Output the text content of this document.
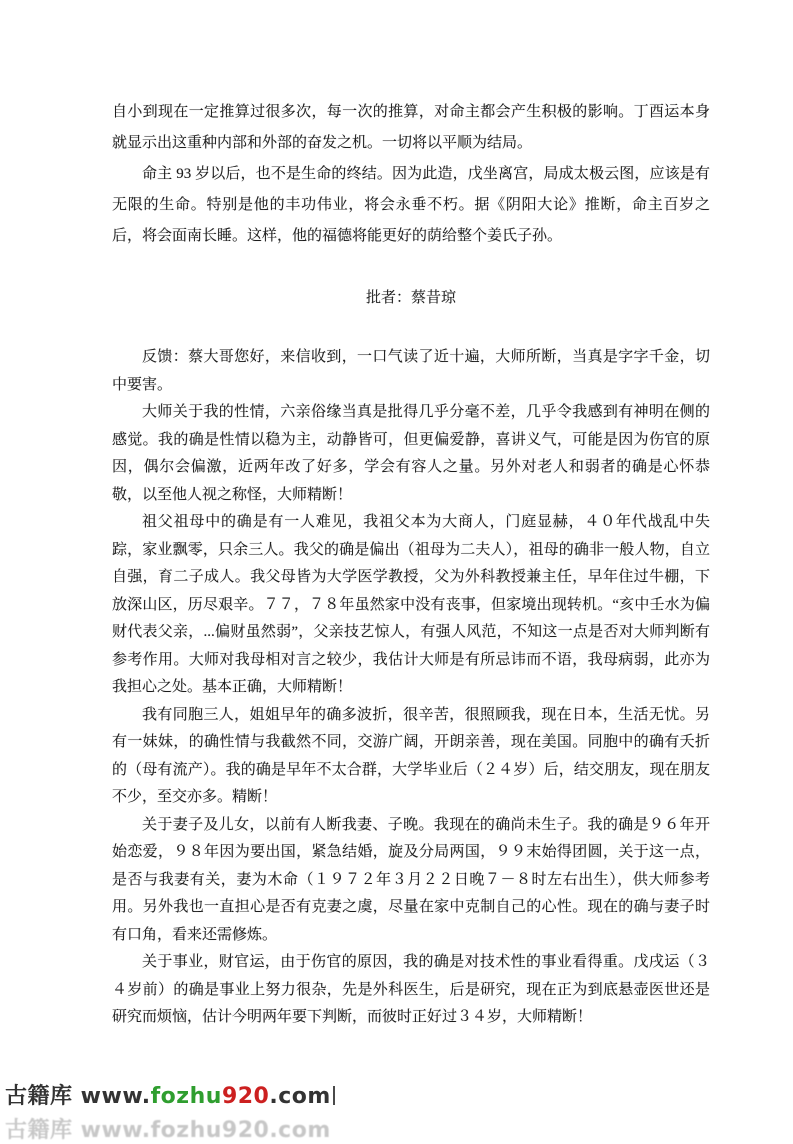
自小到现在一定推算过很多次，每一次的推算，对命主都会产生积极的影响。丁酉运本身就显示出这重种内部和外部的奋发之机。一切将以平顺为结局。

命主 93 岁以后，也不是生命的终结。因为此造，戊坐离宫，局成太极云图，应该是有无限的生命。特别是他的丰功伟业，将会永垂不朽。据《阴阳大论》推断，命主百岁之后，将会面南长睡。这样，他的福德将能更好的荫给整个姜氏子孙。

批者：蔡昔琼

反馈：蔡大哥您好，来信收到，一口气读了近十遍，大师所断，当真是字字千金，切中要害。

大师关于我的性情，六亲俗缘当真是批得几乎分毫不差，几乎令我感到有神明在侧的感觉。我的确是性情以稳为主，动静皆可，但更偏爱静，喜讲义气，可能是因为伤官的原因，偶尔会偏激，近两年改了好多，学会有容人之量。另外对老人和弱者的确是心怀恭敬，以至他人视之称怪，大师精断！

祖父祖母中的确是有一人难见，我祖父本为大商人，门庭显赫，４０年代战乱中失踪，家业飘零，只余三人。我父的确是偏出（祖母为二夫人），祖母的确非一般人物，自立自强，育二子成人。我父母皆为大学医学教授，父为外科教授兼主任，早年住过牛棚，下放深山区，历尽艰辛。７７，７８年虽然家中没有丧事，但家境出现转机。“亥中壬水为偏财代表父亲，...偏财虽然弱”，父亲技艺惊人，有强人风范，不知这一点是否对大师判断有参考作用。大师对我母相对言之较少，我估计大师是有所忌讳而不语，我母病弱，此亦为我担心之处。基本正确，大师精断！

我有同胞三人，姐姐早年的确多波折，很辛苦，很照顾我，现在日本，生活无忧。另有一妹妹，的确性情与我截然不同，交游广阔，开朗亲善，现在美国。同胞中的确有夭折的（母有流产）。我的确是早年不太合群，大学毕业后（２４岁）后，结交朋友，现在朋友不少，至交亦多。精断！

关于妻子及儿女，以前有人断我妻、子晚。我现在的确尚未生子。我的确是９６年开始恋爱，９８年因为要出国，紧急结婚，旋及分局两国，９９末始得团圆，关于这一点，是否与我妻有关，妻为木命（１９７２年３月２２日晚７－８时左右出生），供大师参考用。另外我也一直担心是否有克妻之虞，尽量在家中克制自己的心性。现在的确与妻子时有口角，看来还需修炼。

关于事业，财官运，由于伤官的原因，我的确是对技术性的事业看得重。戊戌运（３４岁前）的确是事业上努力很杂，先是外科医生，后是研究，现在正为到底悬壶医世还是研究而烦恼，估计今明两年要下判断，而彼时正好过３４岁，大师精断！

古籍库 www.fozhu920.com
古籍库 www.fozhu920.com
